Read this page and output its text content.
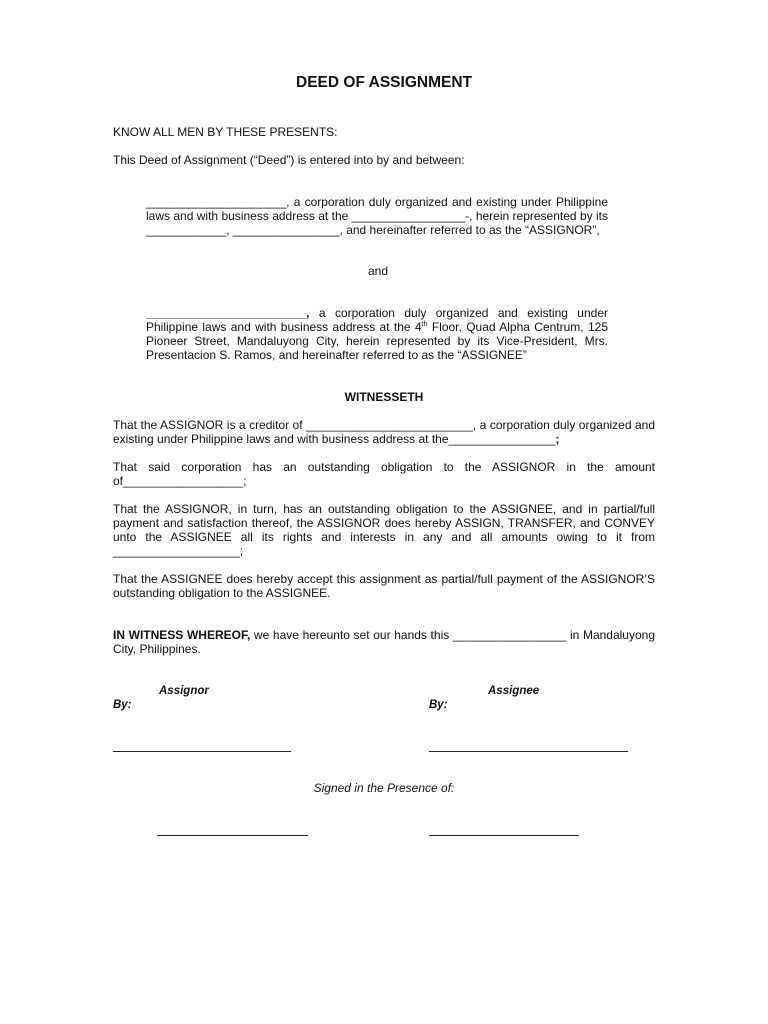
DEED OF ASSIGNMENT

KNOW ALL MEN BY THESE PRESENTS:

This Deed of Assignment (“Deed”) is entered into by and between:

_____________________, a corporation duly organized and existing under Philippine laws and with business address at the _________________-, herein represented by its ____________, ________________, and hereinafter referred to as the “ASSIGNOR”,

and

________________________, a corporation duly organized and existing under Philippine laws and with business address at the 4th Floor, Quad Alpha Centrum, 125 Pioneer Street, Mandaluyong City, herein represented by its Vice-President, Mrs. Presentacion S. Ramos, and hereinafter referred to as the “ASSIGNEE”

WITNESSETH

That the ASSIGNOR is a creditor of _________________________, a corporation duly organized and existing under Philippine laws and with business address at the________________;

That said corporation has an outstanding obligation to the ASSIGNOR in the amount of__________________;

That the ASSIGNOR, in turn, has an outstanding obligation to the ASSIGNEE, and in partial/full payment and satisfaction thereof, the ASSIGNOR does hereby ASSIGN, TRANSFER, and CONVEY unto the ASSIGNEE all its rights and interests in any and all amounts owing to it from ___________________;

That the ASSIGNEE does hereby accept this assignment as partial/full payment of the ASSIGNOR’S outstanding obligation to the ASSIGNEE.

IN WITNESS WHEREOF, we have hereunto set our hands this _________________ in Mandaluyong City, Philippines.

Assignor

By:

Assignee

By:

Signed in the Presence of:
